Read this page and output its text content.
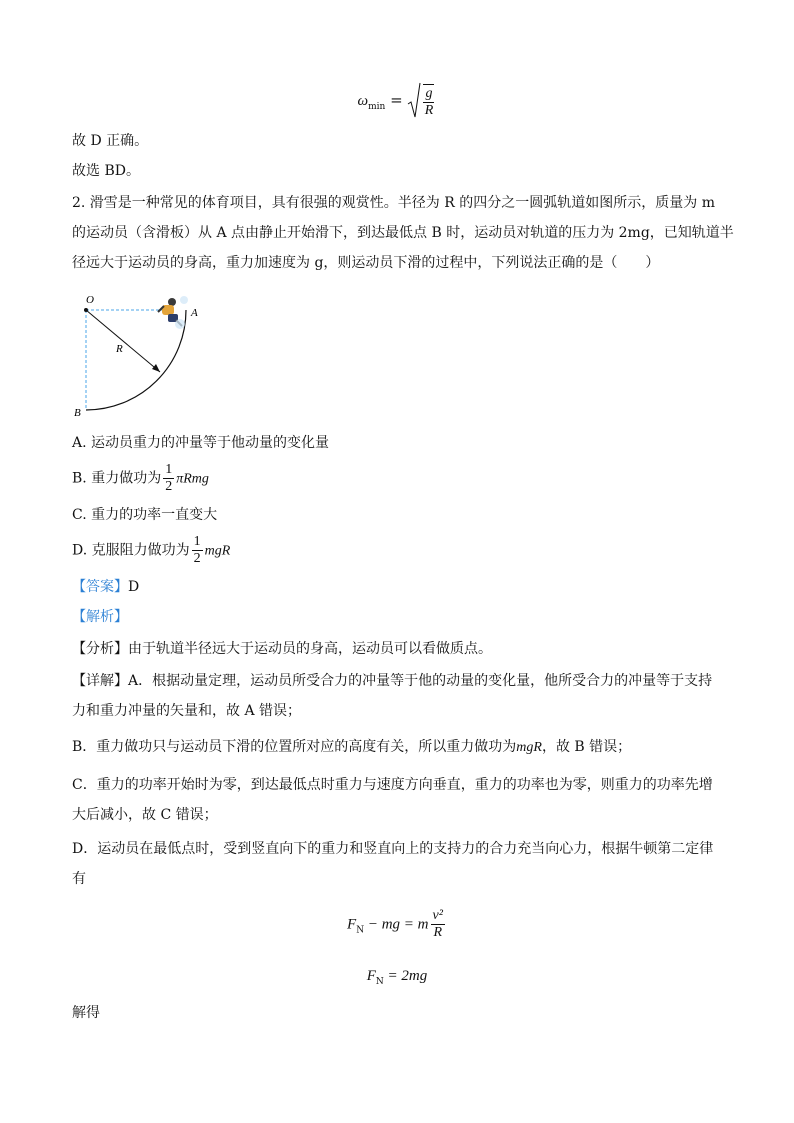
$\omega_{min} = \frac{g}{R}$
故 D 正确。
故选 BD。
2. 滑雪是一种常见的体育项目，具有很强的观赏性。半径为 R 的四分之一圆弧轨道如图所示，质量为 m
的运动员（含滑板）从 A 点由静止开始滑下，到达最低点 B 时，运动员对轨道的压力为 2mg，已知轨道半
径远大于运动员的身高，重力加速度为 g，则运动员下滑的过程中，下列说法正确的是（　　）
O
A
B
R
A. 运动员重力的冲量等于他动量的变化量
B. 重力做功为 $\frac{1}{2}$ πRmg
C. 重力的功率一直变大
D. 克服阻力做功为 $\frac{1}{2}$ mgR
【答案】D
【解析】
【分析】由于轨道半径远大于运动员的身高，运动员可以看做质点。
【详解】A．根据动量定理，运动员所受合力的冲量等于他的动量的变化量，他所受合力的冲量等于支持
力和重力冲量的矢量和，故 A 错误；
B．重力做功只与运动员下滑的位置所对应的高度有关，所以重力做功为mgR，故 B 错误；
C．重力的功率开始时为零，到达最低点时重力与速度方向垂直，重力的功率也为零，则重力的功率先增
大后减小，故 C 错误；
D．运动员在最低点时，受到竖直向下的重力和竖直向上的支持力的合力充当向心力，根据牛顿第二定律
有
$F_N$ − mg = m $\frac{\text{v²}}{R}$
$F_N = 2mg$
解得
